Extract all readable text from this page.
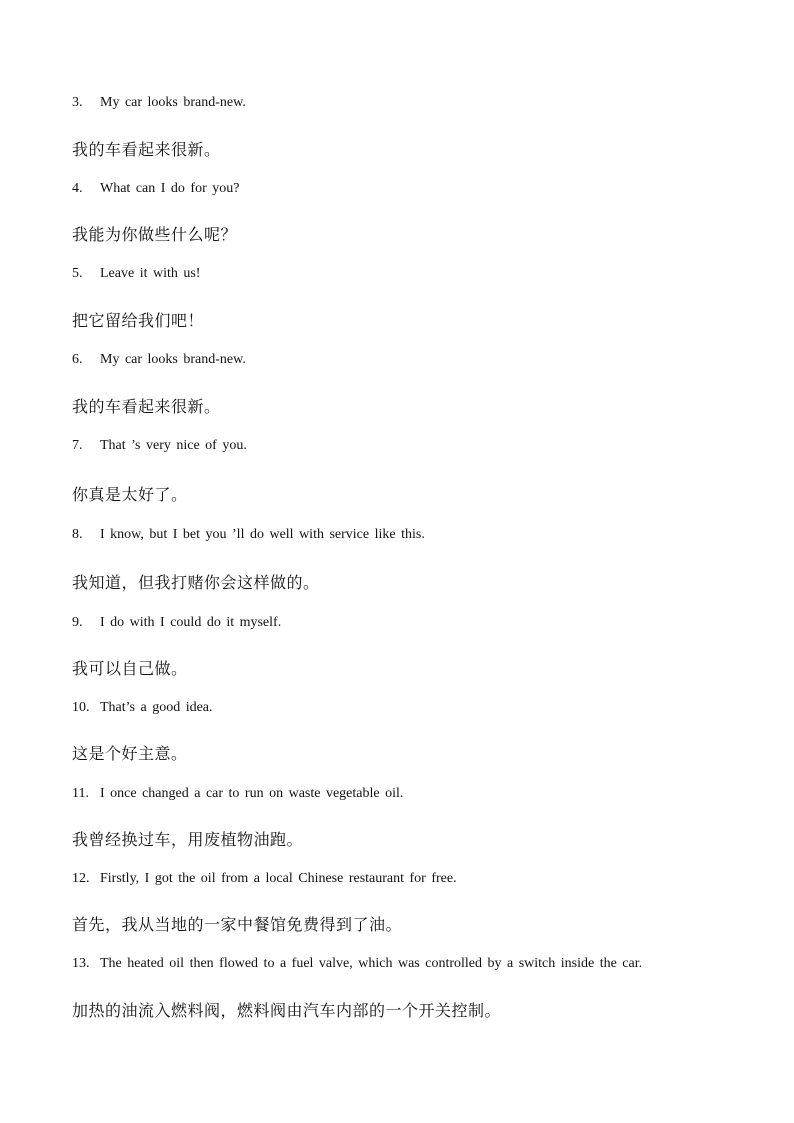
3. My car looks brand-new.
我的车看起来很新。
4. What can I do for you?
我能为你做些什么呢？
5. Leave it with us!
把它留给我们吧！
6. My car looks brand-new.
我的车看起来很新。
7. That ’s very nice of you.
你真是太好了。
8. I know, but I bet you ’ll do well with service like this.
我知道，但我打赌你会这样做的。
9. I do with I could do it myself.
我可以自己做。
10. That’s a good idea.
这是个好主意。
11. I once changed a car to run on waste vegetable oil.
我曾经换过车，用废植物油跑。
12. Firstly, I got the oil from a local Chinese restaurant for free.
首先，我从当地的一家中餐馆免费得到了油。
13. The heated oil then flowed to a fuel valve, which was controlled by a switch inside the car.
加热的油流入燃料阀，燃料阀由汽车内部的一个开关控制。
